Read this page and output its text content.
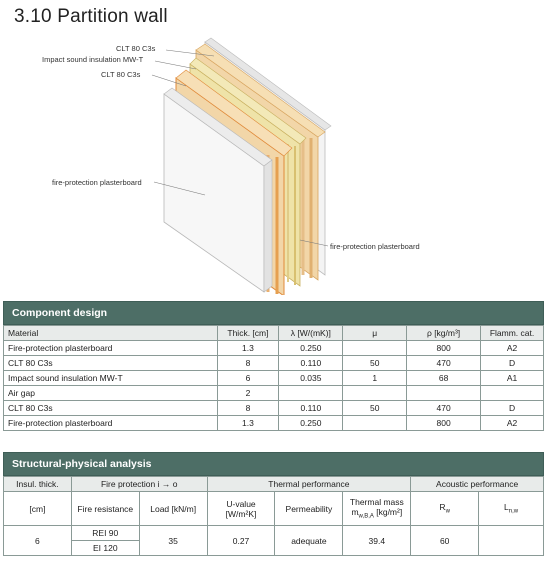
3.10 Partition wall
CLT 80 C3s
Impact sound insulation MW-T
CLT 80 C3s
fire-protection plasterboard
fire-protection plasterboard
Component design
Material	Thick. [cm]	λ [W/(mK)]	μ	ρ [kg/m³]	Flamm. cat.
Fire-protection plasterboard	1.3	0.250		800	A2
CLT 80 C3s	8	0.110	50	470	D
Impact sound insulation MW-T	6	0.035	1	68	A1
Air gap	2				
CLT 80 C3s	8	0.110	50	470	D
Fire-protection plasterboard	1.3	0.250		800	A2
Structural-physical analysis
Insul. thick.	Fire protection i → o		Thermal performance			Acoustic performance	
[cm]	Fire resistance	Load [kN/m]	U-value [W/m²K]	Permeability	Thermal mass $m_{w,B,A}$ [kg/m²]	$R_w$	$L_{n,w}$
6	REI 90	35	0.27	adequate	39.4	60	
	EI 120						
